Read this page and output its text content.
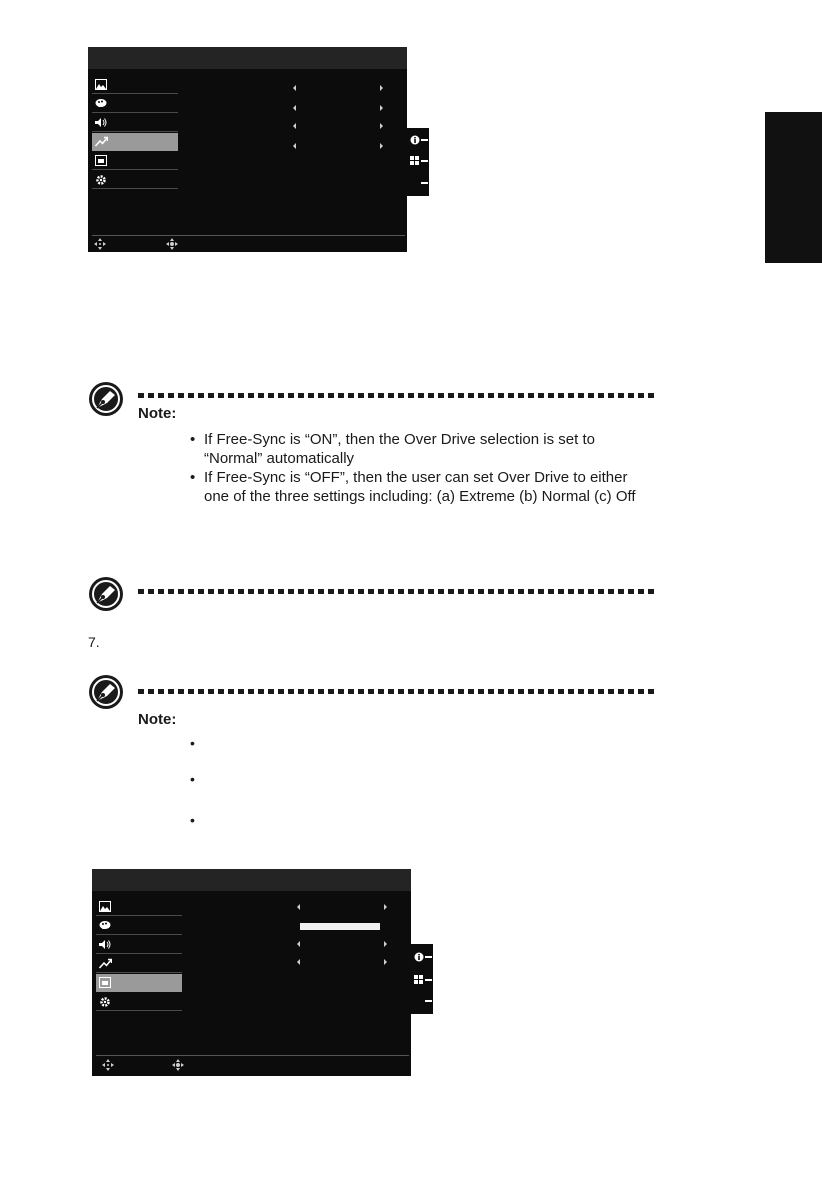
Note:
• If Free-Sync is “ON”, then the Over Drive selection is set to “Normal” automatically
• If Free-Sync is “OFF”, then the user can set Over Drive to either one of the three settings including: (a) Extreme (b) Normal (c) Off
7.
Note:
•
•
•
